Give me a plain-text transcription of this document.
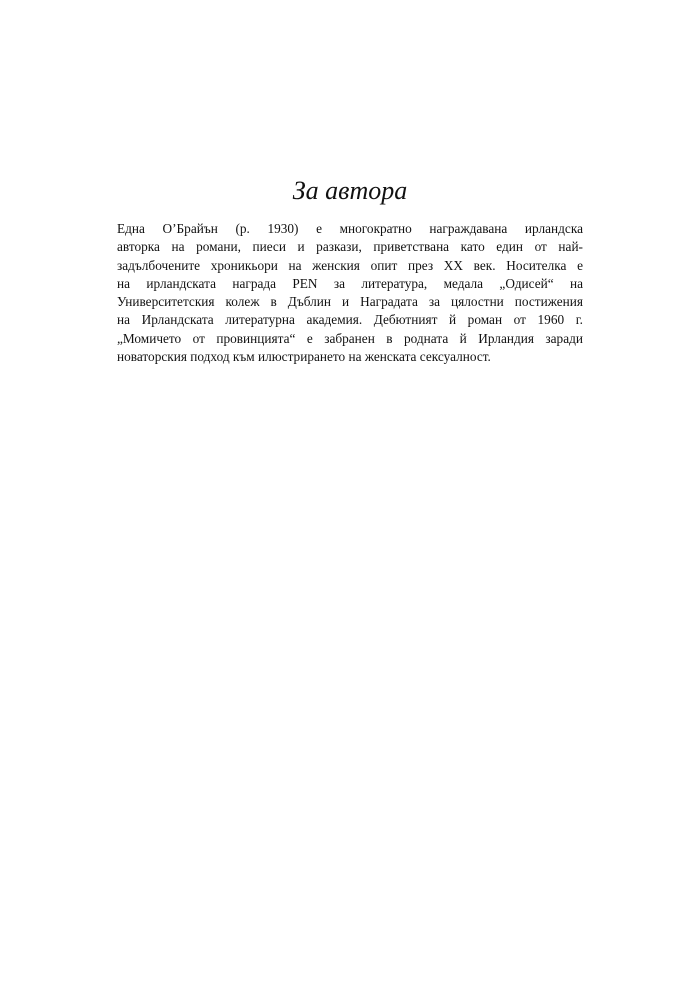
За автора
Една О’Брайън (р. 1930) е многократно награждавана ирландска
авторка на романи, пиеси и разкази, приветствана като един от най-
задълбочените хроникьори на женския опит през XX век. Носителка е
на ирландската награда PEN за литература, медала „Одисей“ на
Университетския колеж в Дъблин и Наградата за цялостни постижения
на Ирландската литературна академия. Дебютният й роман от 1960 г.
„Момичето от провинцията“ е забранен в родната й Ирландия заради
новаторския подход към илюстрирането на женската сексуалност.
